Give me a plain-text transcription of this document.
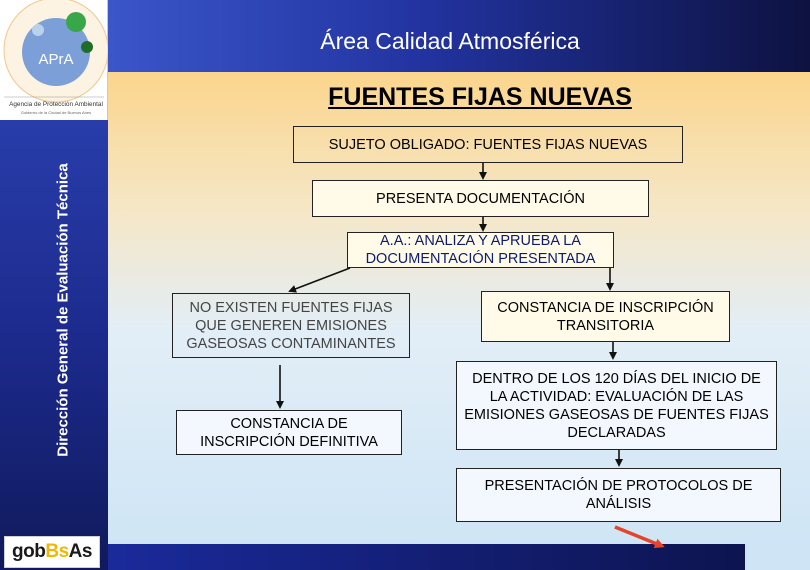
APrA
Agencia de Protección Ambiental
Gobierno de la Ciudad de Buenos Aires
Dirección General de Evaluación Técnica
gob Bs As
Área Calidad Atmosférica
FUENTES FIJAS NUEVAS
SUJETO OBLIGADO: FUENTES FIJAS NUEVAS
PRESENTA DOCUMENTACIÓN
A.A.: ANALIZA Y APRUEBA LA DOCUMENTACIÓN PRESENTADA
NO EXISTEN FUENTES FIJAS QUE GENEREN EMISIONES GASEOSAS CONTAMINANTES
CONSTANCIA DE INSCRIPCIÓN TRANSITORIA
CONSTANCIA DE INSCRIPCIÓN DEFINITIVA
DENTRO DE LOS 120 DÍAS DEL INICIO DE LA ACTIVIDAD: EVALUACIÓN DE LAS EMISIONES GASEOSAS DE FUENTES FIJAS DECLARADAS
PRESENTACIÓN DE PROTOCOLOS DE ANÁLISIS
